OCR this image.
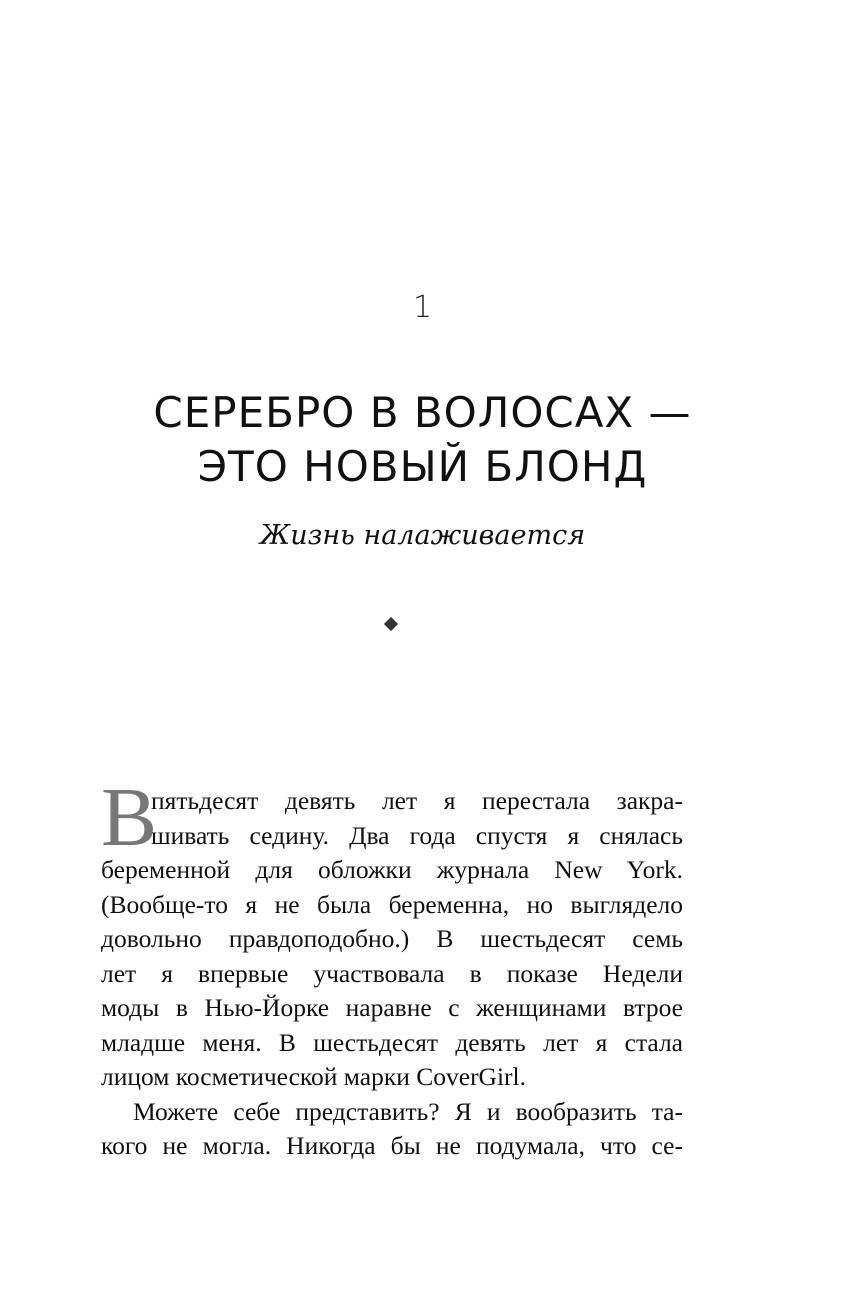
1
СЕРЕБРО В ВОЛОСАХ —
ЭТО НОВЫЙ БЛОНД
Жизнь налаживается
В
пятьдесят девять лет я перестала закра-
шивать седину. Два года спустя я снялась
беременной для обложки журнала New York.
(Вообще-то я не была беременна, но выглядело
довольно правдоподобно.) В шестьдесят семь
лет я впервые участвовала в показе Недели
моды в Нью-Йорке наравне с женщинами втрое
младше меня. В шестьдесят девять лет я стала
лицом косметической марки CoverGirl.
Можете себе представить? Я и вообразить та-
кого не могла. Никогда бы не подумала, что се-
